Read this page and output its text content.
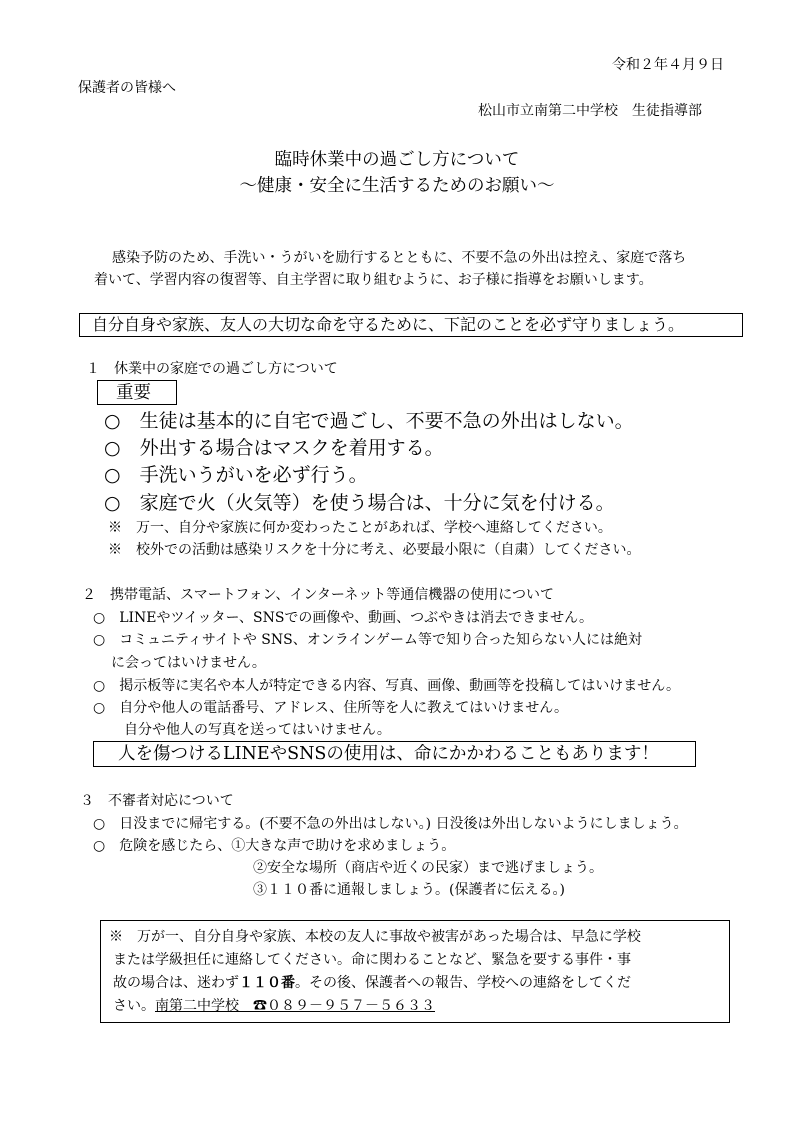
令和２年４月９日
保護者の皆様へ
松山市立南第二中学校　生徒指導部
臨時休業中の過ごし方について
～健康・安全に生活するためのお願い～
感染予防のため、手洗い・うがいを励行するとともに、不要不急の外出は控え、家庭で落ち
着いて、学習内容の復習等、自主学習に取り組むように、お子様に指導をお願いします。
自分自身や家族、友人の大切な命を守るために、下記のことを必ず守りましょう。
１　休業中の家庭での過ごし方について
重要
○　生徒は基本的に自宅で過ごし、不要不急の外出はしない。
○　外出する場合はマスクを着用する。
○　手洗いうがいを必ず行う。
○　家庭で火（火気等）を使う場合は、十分に気を付ける。
※　万一、自分や家族に何か変わったことがあれば、学校へ連絡してください。
※　校外での活動は感染リスクを十分に考え、必要最小限に（自粛）してください。
２　携帯電話、スマートフォン、インターネット等通信機器の使用について
○　LINEやツイッター、SNSでの画像や、動画、つぶやきは消去できません。
○　コミュニティサイトや SNS、オンラインゲーム等で知り合った知らない人には絶対
に会ってはいけません。
○　掲示板等に実名や本人が特定できる内容、写真、画像、動画等を投稿してはいけません。
○　自分や他人の電話番号、アドレス、住所等を人に教えてはいけません。
自分や他人の写真を送ってはいけません。
人を傷つけるLINEやSNSの使用は、命にかかわることもあります！
３　不審者対応について
○　日没までに帰宅する。(不要不急の外出はしない。) 日没後は外出しないようにしましょう。
○　危険を感じたら、①大きな声で助けを求めましょう。
②安全な場所（商店や近くの民家）まで逃げましょう。
③１１０番に通報しましょう。(保護者に伝える。)
※　万が一、自分自身や家族、本校の友人に事故や被害があった場合は、早急に学校
または学級担任に連絡してください。命に関わることなど、緊急を要する事件・事
故の場合は、迷わず１１０番。その後、保護者への報告、学校への連絡をしてくだ
さい。南第二中学校　 ☎０８９－９５７－５６３３
